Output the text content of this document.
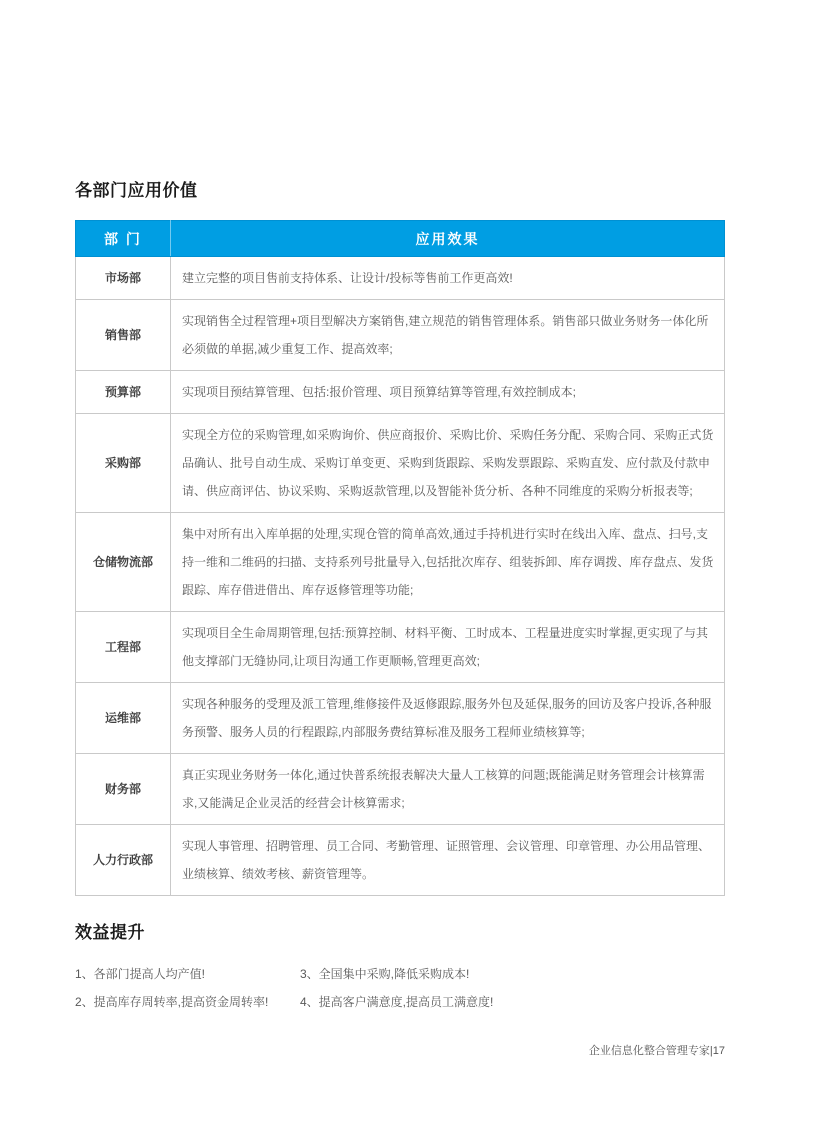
各部门应用价值
部 门	应用效果
市场部	建立完整的项目售前支持体系、让设计/投标等售前工作更高效!
销售部	实现销售全过程管理+项目型解决方案销售,建立规范的销售管理体系。销售部只做业务财务一体化所必须做的单据,减少重复工作、提高效率;
预算部	实现项目预结算管理、包括:报价管理、项目预算结算等管理,有效控制成本;
采购部	实现全方位的采购管理,如采购询价、供应商报价、采购比价、采购任务分配、采购合同、采购正式货品确认、批号自动生成、采购订单变更、采购到货跟踪、采购发票跟踪、采购直发、应付款及付款申请、供应商评估、协议采购、采购返款管理,以及智能补货分析、各种不同维度的采购分析报表等;
仓储物流部	集中对所有出入库单据的处理,实现仓管的简单高效,通过手持机进行实时在线出入库、盘点、扫号,支持一维和二维码的扫描、支持系列号批量导入,包括批次库存、组装拆卸、库存调拨、库存盘点、发货跟踪、库存借进借出、库存返修管理等功能;
工程部	实现项目全生命周期管理,包括:预算控制、材料平衡、工时成本、工程量进度实时掌握,更实现了与其他支撑部门无缝协同,让项目沟通工作更顺畅,管理更高效;
运维部	实现各种服务的受理及派工管理,维修接件及返修跟踪,服务外包及延保,服务的回访及客户投诉,各种服务预警、服务人员的行程跟踪,内部服务费结算标准及服务工程师业绩核算等;
财务部	真正实现业务财务一体化,通过快普系统报表解决大量人工核算的问题;既能满足财务管理会计核算需求,又能满足企业灵活的经营会计核算需求;
人力行政部	实现人事管理、招聘管理、员工合同、考勤管理、证照管理、会议管理、印章管理、办公用品管理、业绩核算、绩效考核、薪资管理等。
效益提升
1、各部门提高人均产值!	3、全国集中采购,降低采购成本!
2、提高库存周转率,提高资金周转率!	4、提高客户满意度,提高员工满意度!
企业信息化整合管理专家|17
